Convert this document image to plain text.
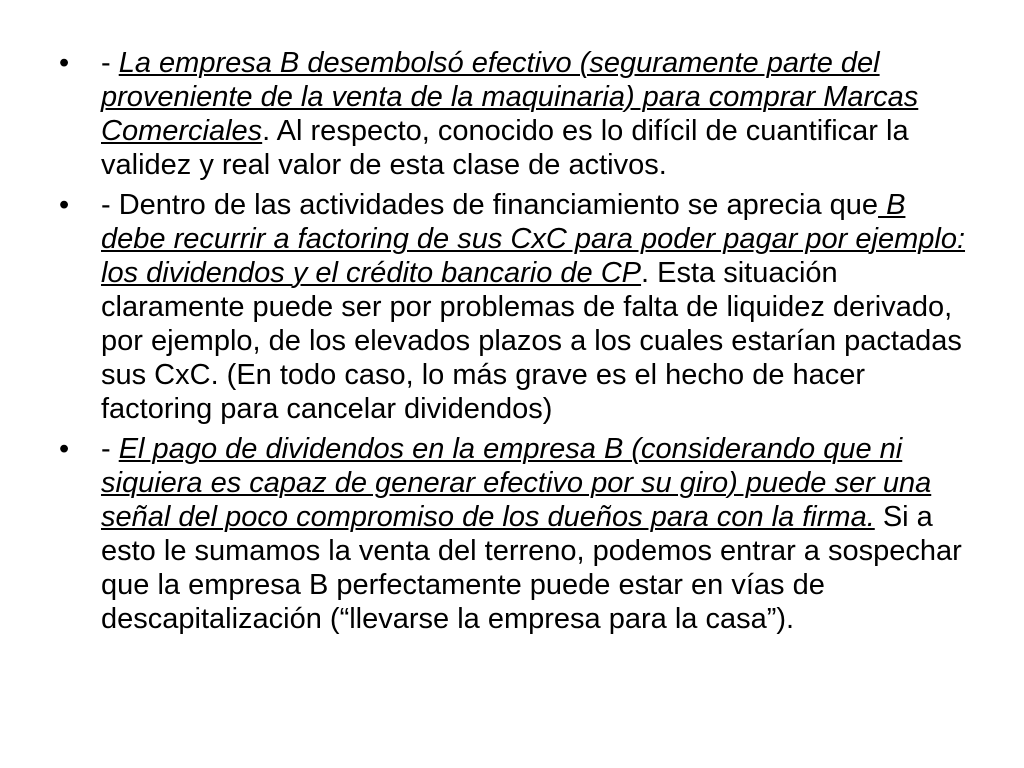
•	- La empresa B desembolsó efectivo (seguramente parte del proveniente de la venta de la maquinaria) para comprar Marcas Comerciales. Al respecto, conocido es lo difícil de cuantificar la validez y real valor de esta clase de activos.
•	- Dentro de las actividades de financiamiento se aprecia que B debe recurrir a factoring de sus CxC para poder pagar por ejemplo: los dividendos y el crédito bancario de CP. Esta situación claramente puede ser por problemas de falta de liquidez derivado, por ejemplo, de los elevados plazos a los cuales estarían pactadas sus CxC. (En todo caso, lo más grave es el hecho de hacer factoring para cancelar dividendos)
•	- El pago de dividendos en la empresa B (considerando que ni siquiera es capaz de generar efectivo por su giro) puede ser una señal del poco compromiso de los dueños para con la firma. Si a esto le sumamos la venta del terreno, podemos entrar a sospechar que la empresa B perfectamente puede estar en vías de descapitalización (“llevarse la empresa para la casa”).
